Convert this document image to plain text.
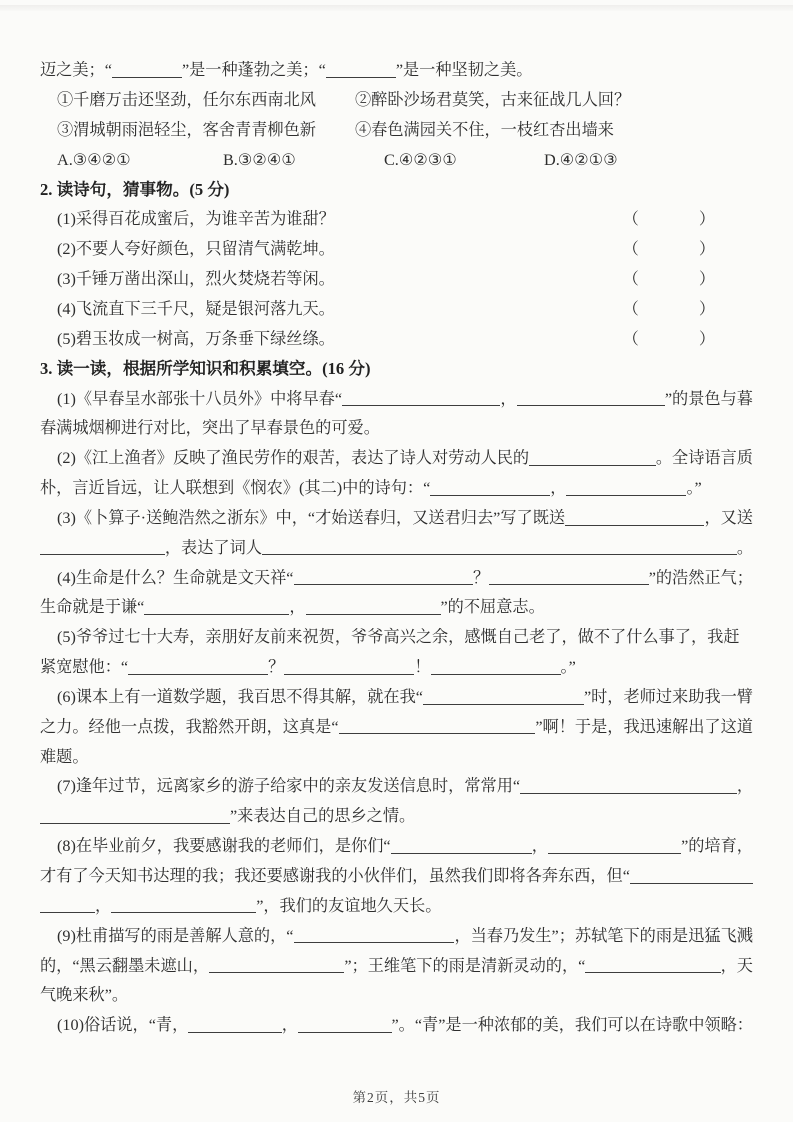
迈之美；“	”是一种蓬勃之美；“	”是一种坚韧之美。
①千磨万击还坚劲，任尔东西南北风	②醉卧沙场君莫笑，古来征战几人回？
③渭城朝雨浥轻尘，客舍青青柳色新	④春色满园关不住，一枝红杏出墙来
A.③④②①	B.③②④①	C.④②③①	D.④②①③
2. 读诗句，猜事物。(5 分)
(1)采得百花成蜜后，为谁辛苦为谁甜？	（	）
(2)不要人夸好颜色，只留清气满乾坤。	（	）
(3)千锤万凿出深山，烈火焚烧若等闲。	（	）
(4)飞流直下三千尺，疑是银河落九天。	（	）
(5)碧玉妆成一树高，万条垂下绿丝绦。	（	）
3. 读一读，根据所学知识和积累填空。(16 分)
(1)《早春呈水部张十八员外》中将早春“	，	”的景色与暮
春满城烟柳进行对比，突出了早春景色的可爱。
(2)《江上渔者》反映了渔民劳作的艰苦，表达了诗人对劳动人民的	。全诗语言质
朴，言近旨远，让人联想到《悯农》(其二)中的诗句：“	，	。”
(3)《卜算子·送鲍浩然之浙东》中，“才始送春归，又送君归去”写了既送	，又送
，表达了词人	。
(4)生命是什么？生命就是文天祥“	？	”的浩然正气；
生命就是于谦“	，	”的不屈意志。
(5)爷爷过七十大寿，亲朋好友前来祝贺，爷爷高兴之余，感慨自己老了，做不了什么事了，我赶
紧宽慰他：“	？	！	。”
(6)课本上有一道数学题，我百思不得其解，就在我“	”时，老师过来助我一臂
之力。经他一点拨，我豁然开朗，这真是“	”啊！于是，我迅速解出了这道
难题。
(7)逢年过节，远离家乡的游子给家中的亲友发送信息时，常常用“	，
”来表达自己的思乡之情。
(8)在毕业前夕，我要感谢我的老师们，是你们“	，	”的培育，
才有了今天知书达理的我；我还要感谢我的小伙伴们，虽然我们即将各奔东西，但“
，	”，我们的友谊地久天长。
(9)杜甫描写的雨是善解人意的，“	，当春乃发生”；苏轼笔下的雨是迅猛飞溅
的，“黑云翻墨未遮山，	”；王维笔下的雨是清新灵动的，“	，天
气晚来秋”。
(10)俗话说，“青，	，	”。“青”是一种浓郁的美，我们可以在诗歌中领略：
第2页，共5页
